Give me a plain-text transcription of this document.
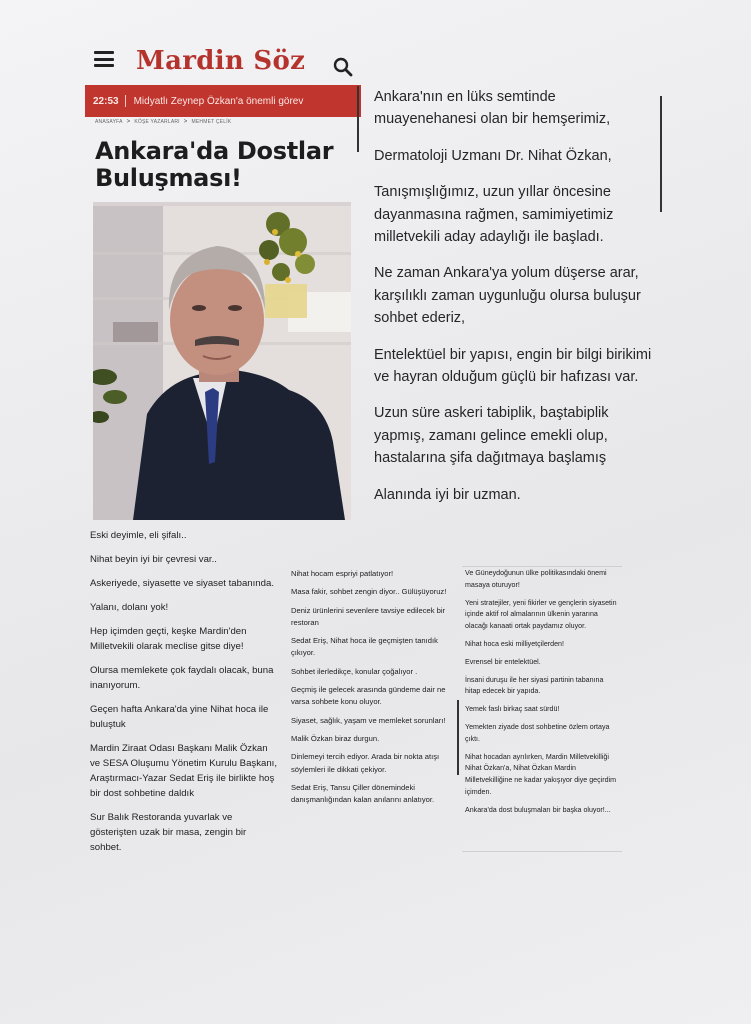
Mardin Söz
22:53 Midyatlı Zeynep Özkan'a önemli görev
ANASAYFA > KÖŞE YAZARLARI > MEHMET ÇELİK
Ankara'da Dostlar
Buluşması!

Ankara'nın en lüks semtinde muayenehanesi olan bir hemşerimiz,

Dermatoloji Uzmanı Dr. Nihat Özkan,

Tanışmışlığımız, uzun yıllar öncesine dayanmasına rağmen, samimiyetimiz milletvekili aday adaylığı ile başladı.

Ne zaman Ankara'ya yolum düşerse arar, karşılıklı zaman uygunluğu olursa buluşur sohbet ederiz,

Entelektüel bir yapısı, engin bir bilgi birikimi ve hayran olduğum güçlü bir hafızası var.

Uzun süre askeri tabiplik, baştabiplik yapmış, zamanı gelince emekli olup, hastalarına şifa dağıtmaya başlamış

Alanında iyi bir uzman.

Eski deyimle, eli şifalı..

Nihat beyin iyi bir çevresi var..

Askeriyede, siyasette ve siyaset tabanında.

Yalanı, dolanı yok!

Hep içimden geçti, keşke Mardin'den Milletvekili olarak meclise gitse diye!

Olursa memlekete çok faydalı olacak, buna inanıyorum.

Geçen hafta Ankara'da yine Nihat hoca ile buluştuk

Mardin Ziraat Odası Başkanı Malik Özkan ve SESA Oluşumu Yönetim Kurulu Başkanı, Araştırmacı-Yazar Sedat Eriş ile birlikte hoş bir dost sohbetine daldık

Sur Balık Restoranda yuvarlak ve gösterişten uzak bir masa, zengin bir sohbet.

Nihat hocam espriyi patlatıyor!

Masa fakir, sohbet zengin diyor.. Gülüşüyoruz!

Deniz ürünlerini sevenlere tavsiye edilecek bir restoran

Sedat Eriş, Nihat hoca ile geçmişten tanıdık çıkıyor.

Sohbet ilerledikçe, konular çoğalıyor .

Geçmiş ile gelecek arasında gündeme dair ne varsa sohbete konu oluyor.

Siyaset, sağlık, yaşam ve memleket sorunları!

Malik Özkan biraz durgun.

Dinlemeyi tercih ediyor. Arada bir nokta atışı söylemleri ile dikkati çekiyor.

Sedat Eriş, Tansu Çiller dönemindeki danışmanlığından kalan anılarını anlatıyor.

Ve Güneydoğunun ülke politikasındaki önemi masaya oturuyor!

Yeni stratejiler, yeni fikirler ve gençlerin siyasetin içinde aktif rol almalarının ülkenin yararına olacağı kanaati ortak paydamız oluyor.

Nihat hoca eski milliyetçilerden!

Evrensel bir entelektüel.

İnsani duruşu ile her siyasi partinin tabanına hitap edecek bir yapıda.

Yemek faslı birkaç saat sürdü!

Yemekten ziyade dost sohbetine özlem ortaya çıktı.

Nihat hocadan ayrılırken, Mardin Milletvekilliği Nihat Özkan'a, Nihat Özkan Mardin Milletvekilliğine ne kadar yakışıyor diye geçirdim içimden.

Ankara'da dost buluşmaları bir başka oluyor!...
